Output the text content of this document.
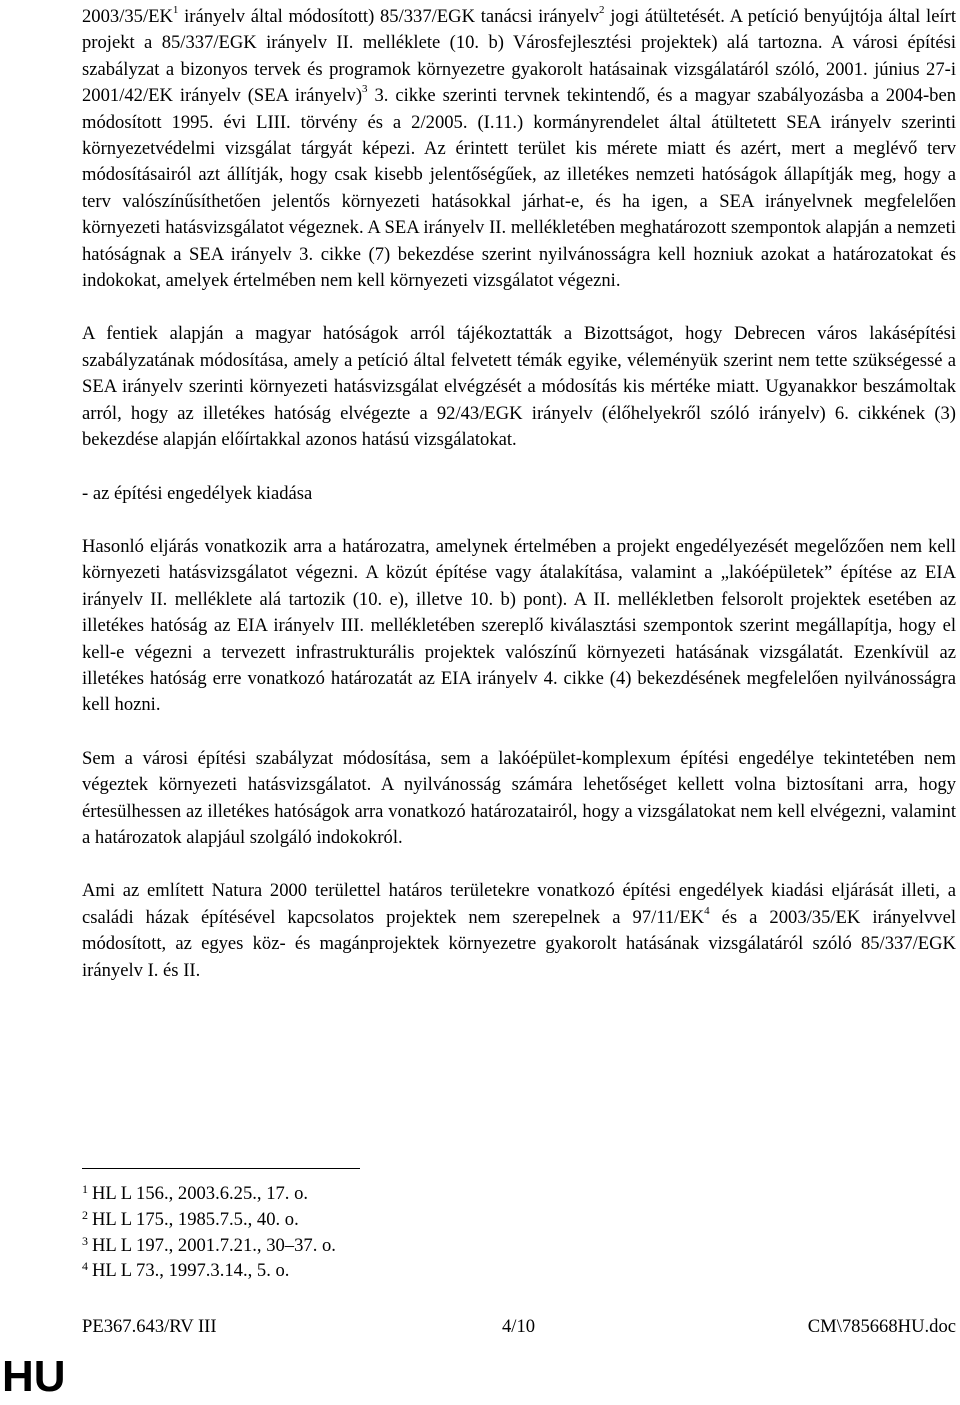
$2003/35/EK^1$ irányelv által módosított) 85/337/EGK tanácsi irányelv$^2$ jogi átültetését. A petíció benyújtója által leírt projekt a 85/337/EGK irányelv II. melléklete (10. b) Városfejlesztési projektek) alá tartozna. A városi építési szabályzat a bizonyos tervek és programok környezetre gyakorolt hatásainak vizsgálatáról szóló, 2001. június 27-i 2001/42/EK irányelv (SEA irányelv)$^3$ 3. cikke szerinti tervnek tekintendő, és a magyar szabályozásba a 2004-ben módosított 1995. évi LIII. törvény és a 2/2005. (I.11.) kormányrendelet által átültetett SEA irányelv szerinti környezetvédelmi vizsgálat tárgyát képezi. Az érintett terület kis mérete miatt és azért, mert a meglévő terv módosításairól azt állítják, hogy csak kisebb jelentőségűek, az illetékes nemzeti hatóságok állapítják meg, hogy a terv valószínűsíthetően jelentős környezeti hatásokkal járhat-e, és ha igen, a SEA irányelvnek megfelelően környezeti hatásvizsgálatot végeznek. A SEA irányelv II. mellékletében meghatározott szempontok alapján a nemzeti hatóságnak a SEA irányelv 3. cikke (7) bekezdése szerint nyilvánosságra kell hozniuk azokat a határozatokat és indokokat, amelyek értelmében nem kell környezeti vizsgálatot végezni.

A fentiek alapján a magyar hatóságok arról tájékoztatták a Bizottságot, hogy Debrecen város lakásépítési szabályzatának módosítása, amely a petíció által felvetett témák egyike, véleményük szerint nem tette szükségessé a SEA irányelv szerinti környezeti hatásvizsgálat elvégzését a módosítás kis mértéke miatt. Ugyanakkor beszámoltak arról, hogy az illetékes hatóság elvégezte a 92/43/EGK irányelv (élőhelyekről szóló irányelv) 6. cikkének (3) bekezdése alapján előírtakkal azonos hatású vizsgálatokat.

- az építési engedélyek kiadása

Hasonló eljárás vonatkozik arra a határozatra, amelynek értelmében a projekt engedélyezését megelőzően nem kell környezeti hatásvizsgálatot végezni. A közút építése vagy átalakítása, valamint a „lakóépületek” építése az EIA irányelv II. melléklete alá tartozik (10. e), illetve 10. b) pont). A II. mellékletben felsorolt projektek esetében az illetékes hatóság az EIA irányelv III. mellékletében szereplő kiválasztási szempontok szerint megállapítja, hogy el kell-e végezni a tervezett infrastrukturális projektek valószínű környezeti hatásának vizsgálatát. Ezenkívül az illetékes hatóság erre vonatkozó határozatát az EIA irányelv 4. cikke (4) bekezdésének megfelelően nyilvánosságra kell hozni.

Sem a városi építési szabályzat módosítása, sem a lakóépület-komplexum építési engedélye tekintetében nem végeztek környezeti hatásvizsgálatot. A nyilvánosság számára lehetőséget kellett volna biztosítani arra, hogy értesülhessen az illetékes hatóságok arra vonatkozó határozatairól, hogy a vizsgálatokat nem kell elvégezni, valamint a határozatok alapjául szolgáló indokokról.

Ami az említett Natura 2000 területtel határos területekre vonatkozó építési engedélyek kiadási eljárását illeti, a családi házak építésével kapcsolatos projektek nem szerepelnek a $97/11/EK^4$ és a 2003/35/EK irányelvvel módosított, az egyes köz- és magánprojektek környezetre gyakorolt hatásának vizsgálatáról szóló 85/337/EGK irányelv I. és II.

$^1$ HL L 156., 2003.6.25., 17. o.
$^2$ HL L 175., 1985.7.5., 40. o.
$^3$ HL L 197., 2001.7.21., 30–37. o.
$^4$ HL L 73., 1997.3.14., 5. o.
PE367.643/RV III	4/10	CM\785668HU.doc
HU
